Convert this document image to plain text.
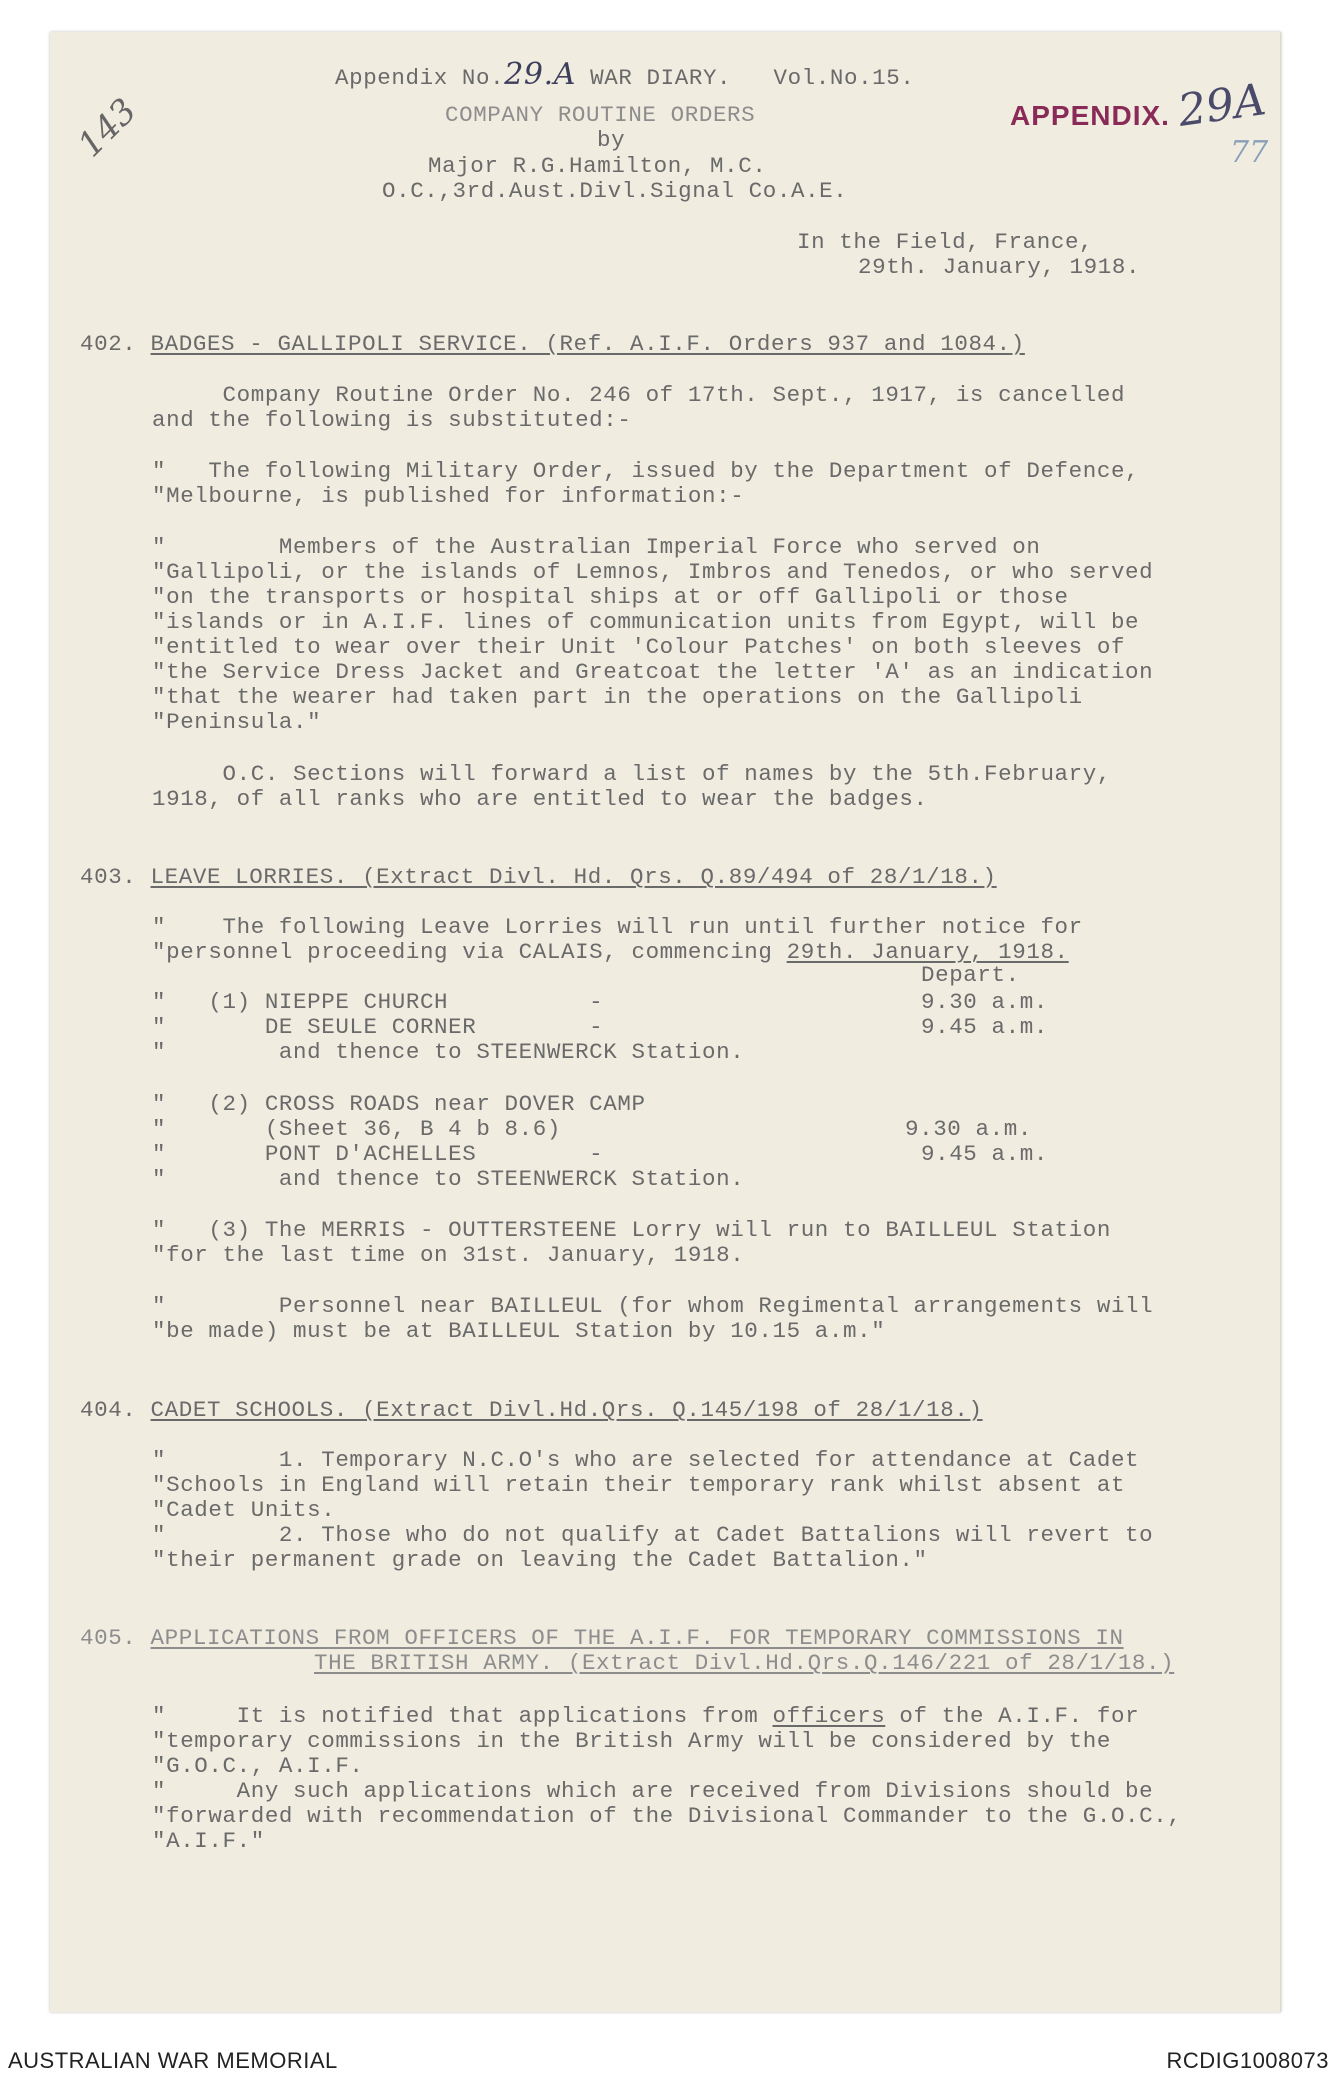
Appendix No.29.A WAR DIARY. Vol.No.15.
APPENDIX. 29A
77
143	COMPANY ROUTINE ORDERS
by
Major R.G.Hamilton, M.C.
O.C.,3rd.Aust.Divl.Signal Co.A.E.
In the Field, France,
29th. January, 1918.
402. BADGES - GALLIPOLI SERVICE. (Ref. A.I.F. Orders 937 and 1084.)
Company Routine Order No. 246 of 17th. Sept., 1917, is cancelled
and the following is substituted:-
"   The following Military Order, issued by the Department of Defence,
"Melbourne, is published for information:-
"        Members of the Australian Imperial Force who served on
"Gallipoli, or the islands of Lemnos, Imbros and Tenedos, or who served
"on the transports or hospital ships at or off Gallipoli or those
"islands or in A.I.F. lines of communication units from Egypt, will be
"entitled to wear over their Unit 'Colour Patches' on both sleeves of
"the Service Dress Jacket and Greatcoat the letter 'A' as an indication
"that the wearer had taken part in the operations on the Gallipoli
"Peninsula."
O.C. Sections will forward a list of names by the 5th.February,
1918, of all ranks who are entitled to wear the badges.
403. LEAVE LORRIES. (Extract Divl. Hd. Qrs. Q.89/494 of 28/1/18.)
"    The following Leave Lorries will run until further notice for
"personnel proceeding via CALAIS, commencing 29th. January, 1918.
Depart.
"   (1) NIEPPE CHURCH          -	9.30 a.m.
"       DE SEULE CORNER        -	9.45 a.m.
"        and thence to STEENWERCK Station.
"   (2) CROSS ROADS near DOVER CAMP
"       (Sheet 36, B 4 b 8.6)	9.30 a.m.
"       PONT D'ACHELLES        -	9.45 a.m.
"        and thence to STEENWERCK Station.
"   (3) The MERRIS - OUTTERSTEENE Lorry will run to BAILLEUL Station
"for the last time on 31st. January, 1918.
"        Personnel near BAILLEUL (for whom Regimental arrangements will
"be made) must be at BAILLEUL Station by 10.15 a.m."
404. CADET SCHOOLS. (Extract Divl.Hd.Qrs. Q.145/198 of 28/1/18.)
"        1. Temporary N.C.O's who are selected for attendance at Cadet
"Schools in England will retain their temporary rank whilst absent at
"Cadet Units.
"        2. Those who do not qualify at Cadet Battalions will revert to
"their permanent grade on leaving the Cadet Battalion."
405. APPLICATIONS FROM OFFICERS OF THE A.I.F. FOR TEMPORARY COMMISSIONS IN
THE BRITISH ARMY. (Extract Divl.Hd.Qrs.Q.146/221 of 28/1/18.)
"     It is notified that applications from officers of the A.I.F. for
"temporary commissions in the British Army will be considered by the
"G.O.C., A.I.F.
"     Any such applications which are received from Divisions should be
"forwarded with recommendation of the Divisional Commander to the G.O.C.,
"A.I.F."
AUSTRALIAN WAR MEMORIAL	RCDIG1008073
